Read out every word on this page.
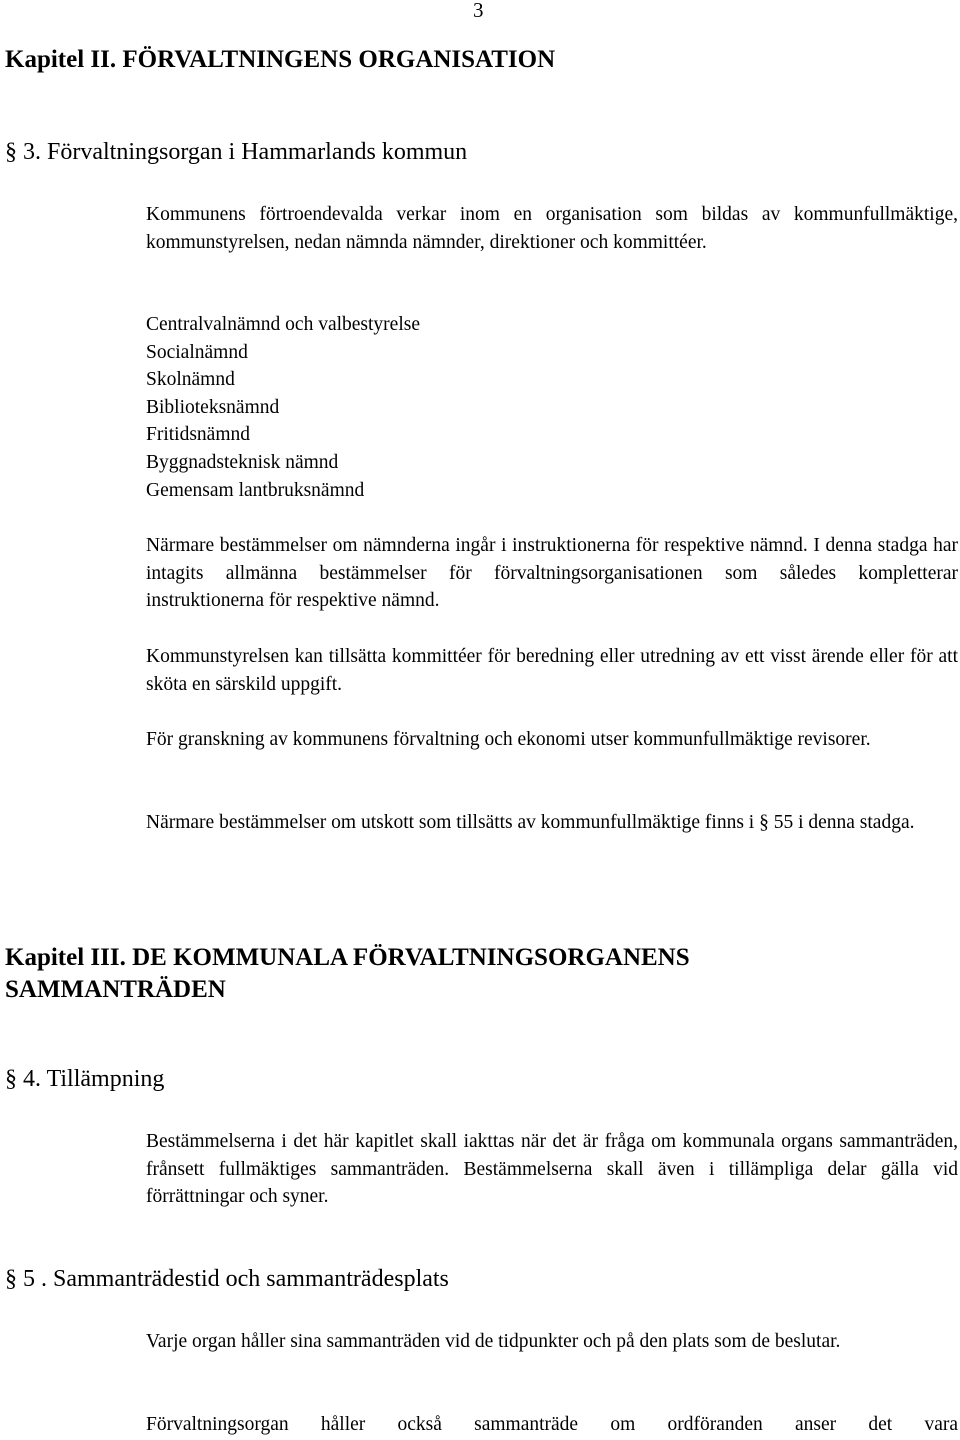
3
Kapitel II. FÖRVALTNINGENS ORGANISATION
§ 3. Förvaltningsorgan i Hammarlands kommun
Kommunens förtroendevalda verkar inom en organisation som bildas av kommunfullmäktige, kommunstyrelsen, nedan nämnda nämnder, direktioner och kommittéer.
Centralvalnämnd och valbestyrelse
Socialnämnd
Skolnämnd
Biblioteksnämnd
Fritidsnämnd
Byggnadsteknisk nämnd
Gemensam lantbruksnämnd
Närmare bestämmelser om nämnderna ingår i instruktionerna för respektive nämnd. I denna stadga har intagits allmänna bestämmelser för förvaltningsorganisationen som således kompletterar instruktionerna för respektive nämnd.
Kommunstyrelsen kan tillsätta kommittéer för beredning eller utredning av ett visst ärende eller för att sköta en särskild uppgift.
För granskning av kommunens förvaltning och ekonomi utser kommunfullmäktige revisorer.
Närmare bestämmelser om utskott som tillsätts av kommunfullmäktige finns i § 55 i denna stadga.
Kapitel III. DE KOMMUNALA FÖRVALTNINGSORGANENS SAMMANTRÄDEN
§ 4. Tillämpning
Bestämmelserna i det här kapitlet skall iakttas när det är fråga om kommunala organs sammanträden, frånsett fullmäktiges sammanträden. Bestämmelserna skall även i tillämpliga delar gälla vid förrättningar och syner.
§ 5 . Sammanträdestid och sammanträdesplats
Varje organ håller sina sammanträden vid de tidpunkter och på den plats som de beslutar.
Förvaltningsorgan håller också sammanträde om ordföranden anser det vara
